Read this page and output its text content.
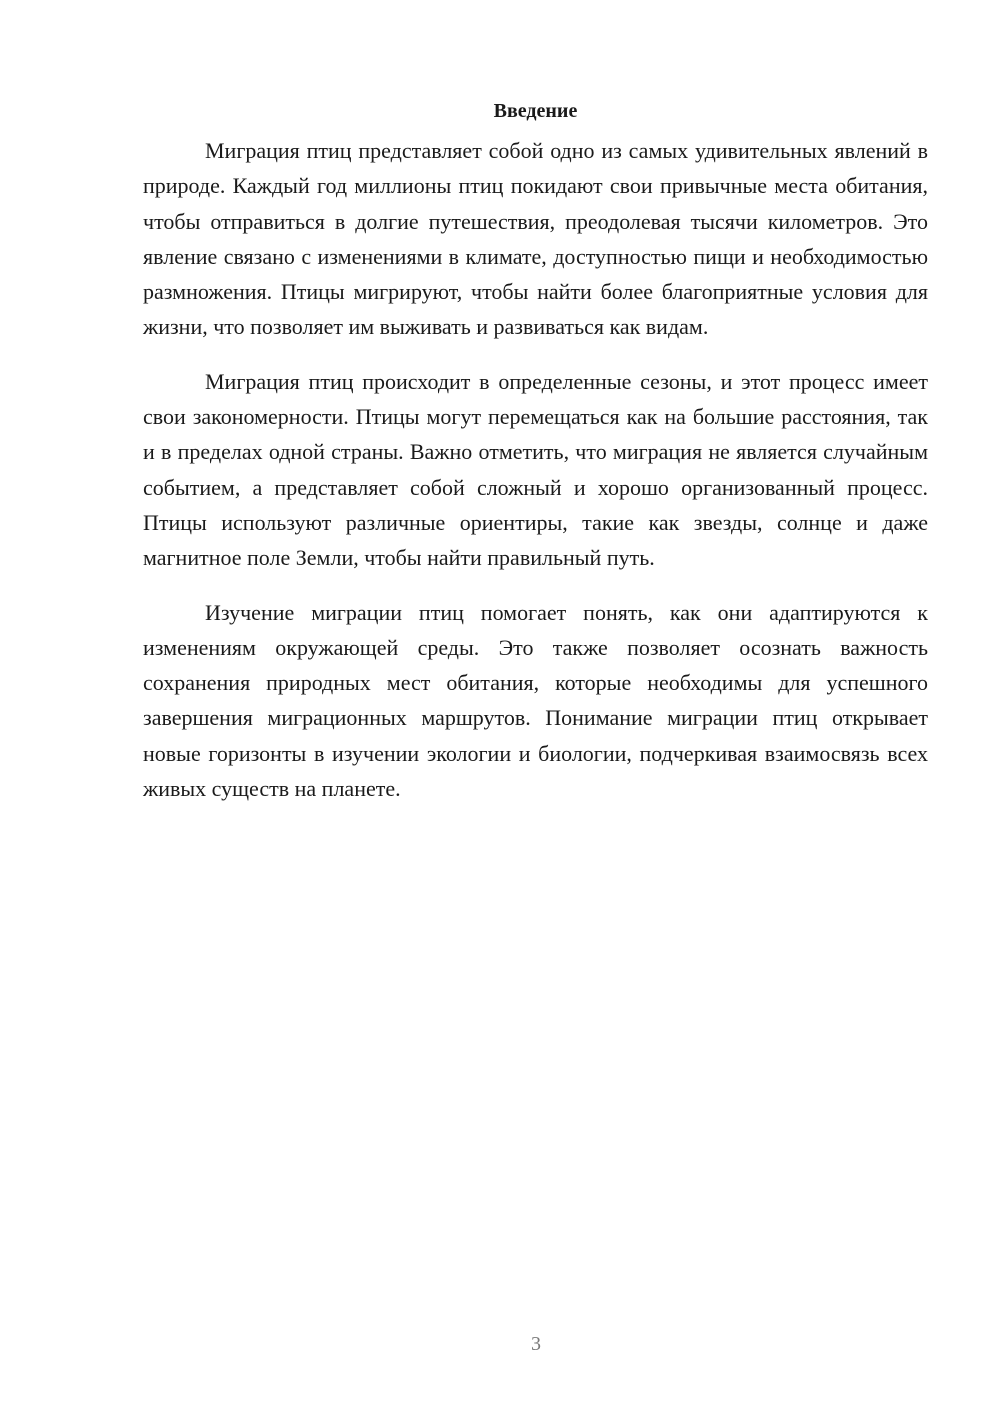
Введение

Миграция птиц представляет собой одно из самых удивительных явлений в природе. Каждый год миллионы птиц покидают свои привычные места обитания, чтобы отправиться в долгие путешествия, преодолевая тысячи километров. Это явление связано с изменениями в климате, доступностью пищи и необходимостью размножения. Птицы мигрируют, чтобы найти более благоприятные условия для жизни, что позволяет им выживать и развиваться как видам.

Миграция птиц происходит в определенные сезоны, и этот процесс имеет свои закономерности. Птицы могут перемещаться как на большие расстояния, так и в пределах одной страны. Важно отметить, что миграция не является случайным событием, а представляет собой сложный и хорошо организованный процесс. Птицы используют различные ориентиры, такие как звезды, солнце и даже магнитное поле Земли, чтобы найти правильный путь.

Изучение миграции птиц помогает понять, как они адаптируются к изменениям окружающей среды. Это также позволяет осознать важность сохранения природных мест обитания, которые необходимы для успешного завершения миграционных маршрутов. Понимание миграции птиц открывает новые горизонты в изучении экологии и биологии, подчеркивая взаимосвязь всех живых существ на планете.

3
